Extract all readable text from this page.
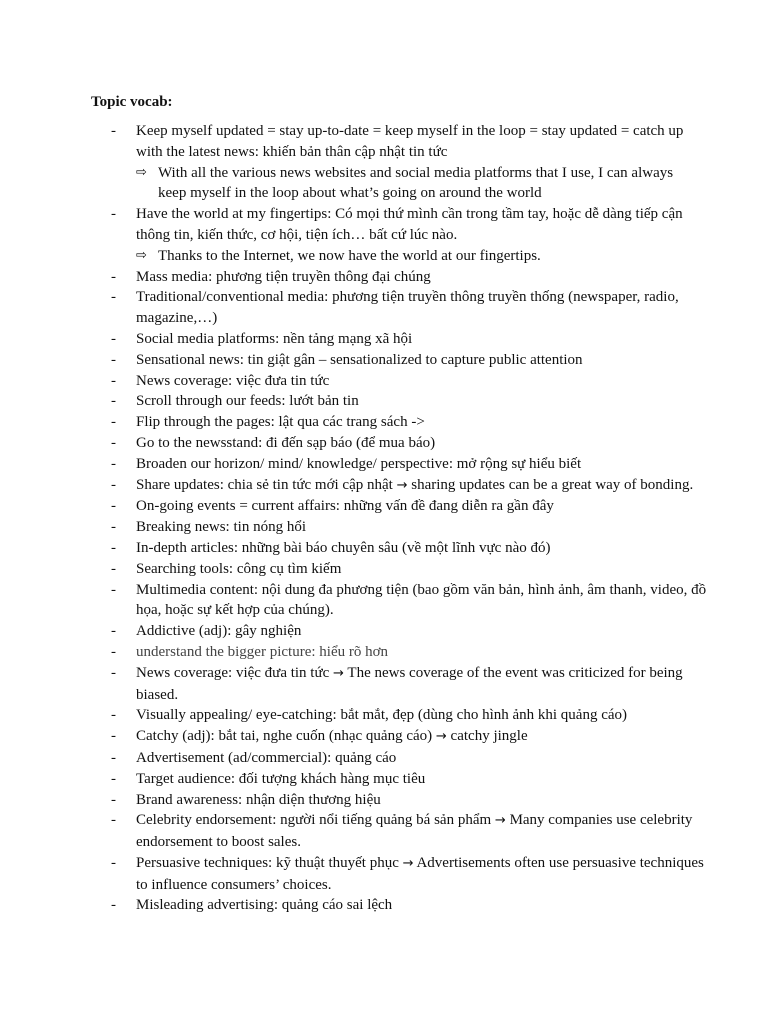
Topic vocab:
- Keep myself updated = stay up-to-date = keep myself in the loop = stay updated = catch up with the latest news: khiến bản thân cập nhật tin tức
⇨ With all the various news websites and social media platforms that I use, I can always keep myself in the loop about what’s going on around the world
- Have the world at my fingertips: Có mọi thứ mình cần trong tầm tay, hoặc dễ dàng tiếp cận thông tin, kiến thức, cơ hội, tiện ích… bất cứ lúc nào.
⇨ Thanks to the Internet, we now have the world at our fingertips.
- Mass media: phương tiện truyền thông đại chúng
- Traditional/conventional media: phương tiện truyền thông truyền thống (newspaper, radio, magazine,…)
- Social media platforms: nền tảng mạng xã hội
- Sensational news: tin giật gân – sensationalized to capture public attention
- News coverage: việc đưa tin tức
- Scroll through our feeds: lướt bản tin
- Flip through the pages: lật qua các trang sách ->
- Go to the newsstand: đi đến sạp báo (để mua báo)
- Broaden our horizon/ mind/ knowledge/ perspective: mở rộng sự hiểu biết
- Share updates: chia sẻ tin tức mới cập nhật → sharing updates can be a great way of bonding.
- On-going events = current affairs: những vấn đề đang diễn ra gần đây
- Breaking news: tin nóng hổi
- In-depth articles: những bài báo chuyên sâu (về một lĩnh vực nào đó)
- Searching tools: công cụ tìm kiếm
- Multimedia content: nội dung đa phương tiện (bao gồm văn bản, hình ảnh, âm thanh, video, đồ họa, hoặc sự kết hợp của chúng).
- Addictive (adj): gây nghiện
- understand the bigger picture: hiểu rõ hơn
- News coverage: việc đưa tin tức → The news coverage of the event was criticized for being biased.
- Visually appealing/ eye-catching: bắt mắt, đẹp (dùng cho hình ảnh khi quảng cáo)
- Catchy (adj): bắt tai, nghe cuốn (nhạc quảng cáo) → catchy jingle
- Advertisement (ad/commercial): quảng cáo
- Target audience: đối tượng khách hàng mục tiêu
- Brand awareness: nhận diện thương hiệu
- Celebrity endorsement: người nổi tiếng quảng bá sản phẩm → Many companies use celebrity endorsement to boost sales.
- Persuasive techniques: kỹ thuật thuyết phục → Advertisements often use persuasive techniques to influence consumers’ choices.
- Misleading advertising: quảng cáo sai lệch
